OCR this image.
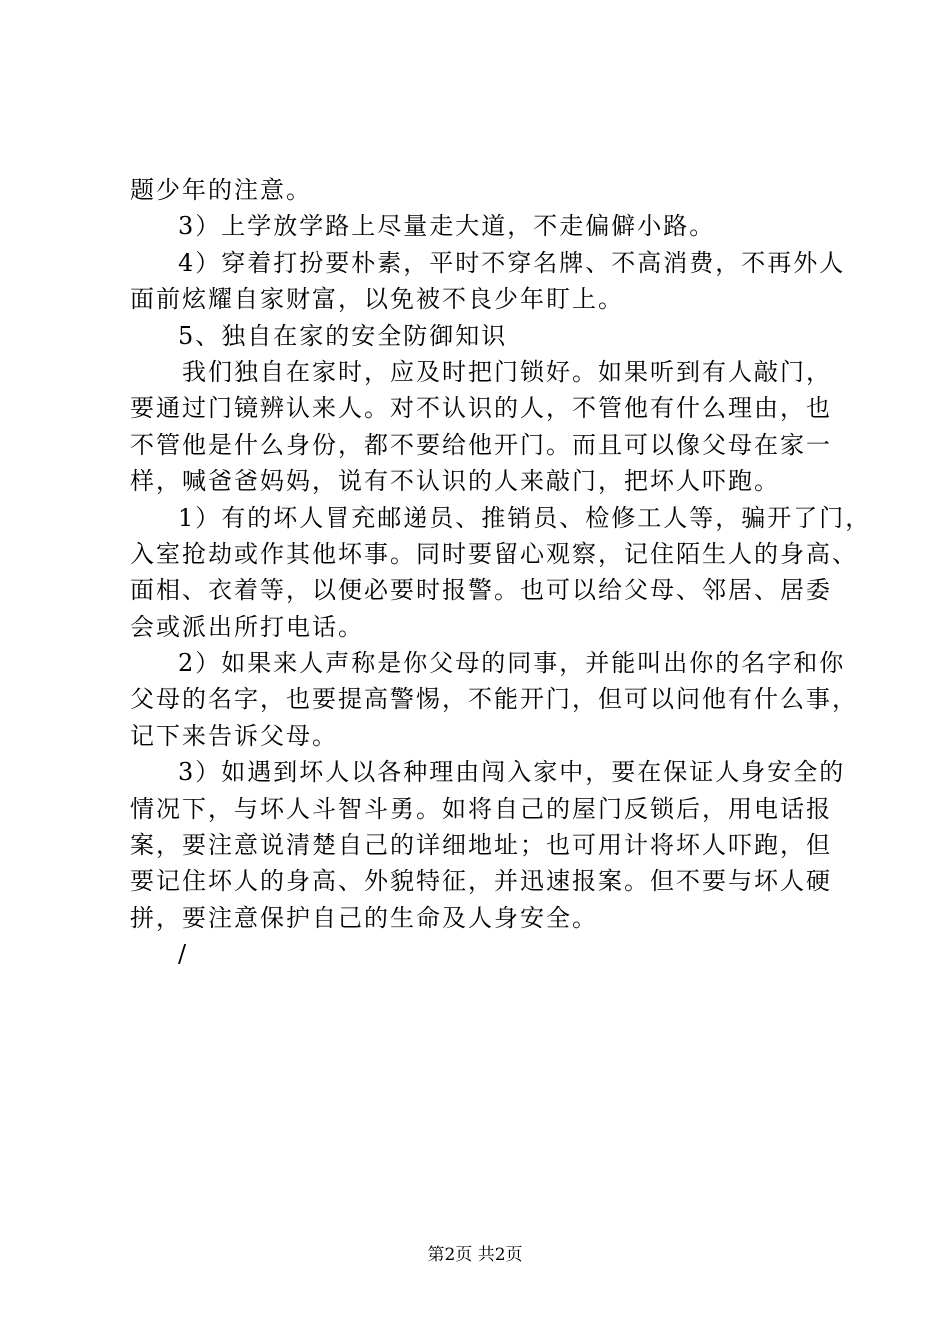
题少年的注意。
3）上学放学路上尽量走大道，不走偏僻小路。
4）穿着打扮要朴素，平时不穿名牌、不高消费，不再外人
面前炫耀自家财富，以免被不良少年盯上。
5、独自在家的安全防御知识
我们独自在家时，应及时把门锁好。如果听到有人敲门，
要通过门镜辨认来人。对不认识的人，不管他有什么理由，也
不管他是什么身份，都不要给他开门。而且可以像父母在家一
样，喊爸爸妈妈，说有不认识的人来敲门，把坏人吓跑。
1）有的坏人冒充邮递员、推销员、检修工人等，骗开了门，
入室抢劫或作其他坏事。同时要留心观察，记住陌生人的身高、
面相、衣着等，以便必要时报警。也可以给父母、邻居、居委
会或派出所打电话。
2）如果来人声称是你父母的同事，并能叫出你的名字和你
父母的名字，也要提高警惕，不能开门，但可以问他有什么事，
记下来告诉父母。
3）如遇到坏人以各种理由闯入家中，要在保证人身安全的
情况下，与坏人斗智斗勇。如将自己的屋门反锁后，用电话报
案，要注意说清楚自己的详细地址；也可用计将坏人吓跑，但
要记住坏人的身高、外貌特征，并迅速报案。但不要与坏人硬
拼，要注意保护自己的生命及人身安全。
/
第2页 共2页
